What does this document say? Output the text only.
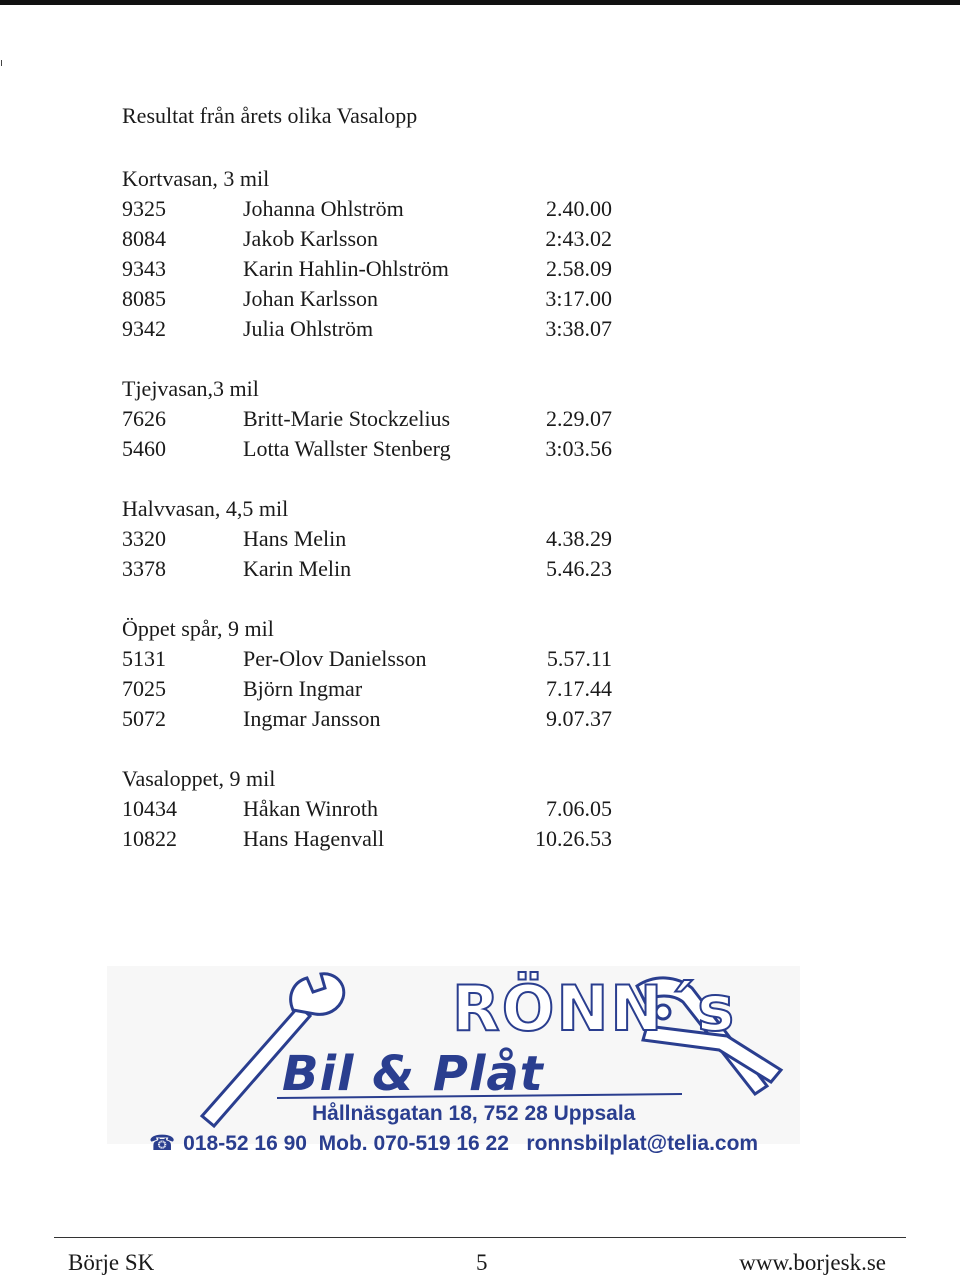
Resultat från årets olika Vasalopp
Kortvasan, 3 mil
9325	Johanna Ohlström	2.40.00
8084	Jakob Karlsson	2:43.02
9343	Karin Hahlin-Ohlström	2.58.09
8085	Johan Karlsson	3:17.00
9342	Julia Ohlström	3:38.07
Tjejvasan,3 mil
7626	Britt-Marie Stockzelius	2.29.07
5460	Lotta Wallster Stenberg	3:03.56
Halvvasan, 4,5 mil
3320	Hans Melin	4.38.29
3378	Karin Melin	5.46.23
Öppet spår, 9 mil
5131	Per-Olov Danielsson	5.57.11
7025	Björn Ingmar	7.17.44
5072	Ingmar Jansson	9.07.37
Vasaloppet, 9 mil
10434	Håkan Winroth	7.06.05
10822	Hans Hagenvall	10.26.53
RÖNN´s
Bil & Plåt
Hållnäsgatan 18, 752 28 Uppsala
☎ 018-52 16 90 Mob. 070-519 16 22 ronnsbilplat@telia.com
Börje SK	5	www.borjesk.se
